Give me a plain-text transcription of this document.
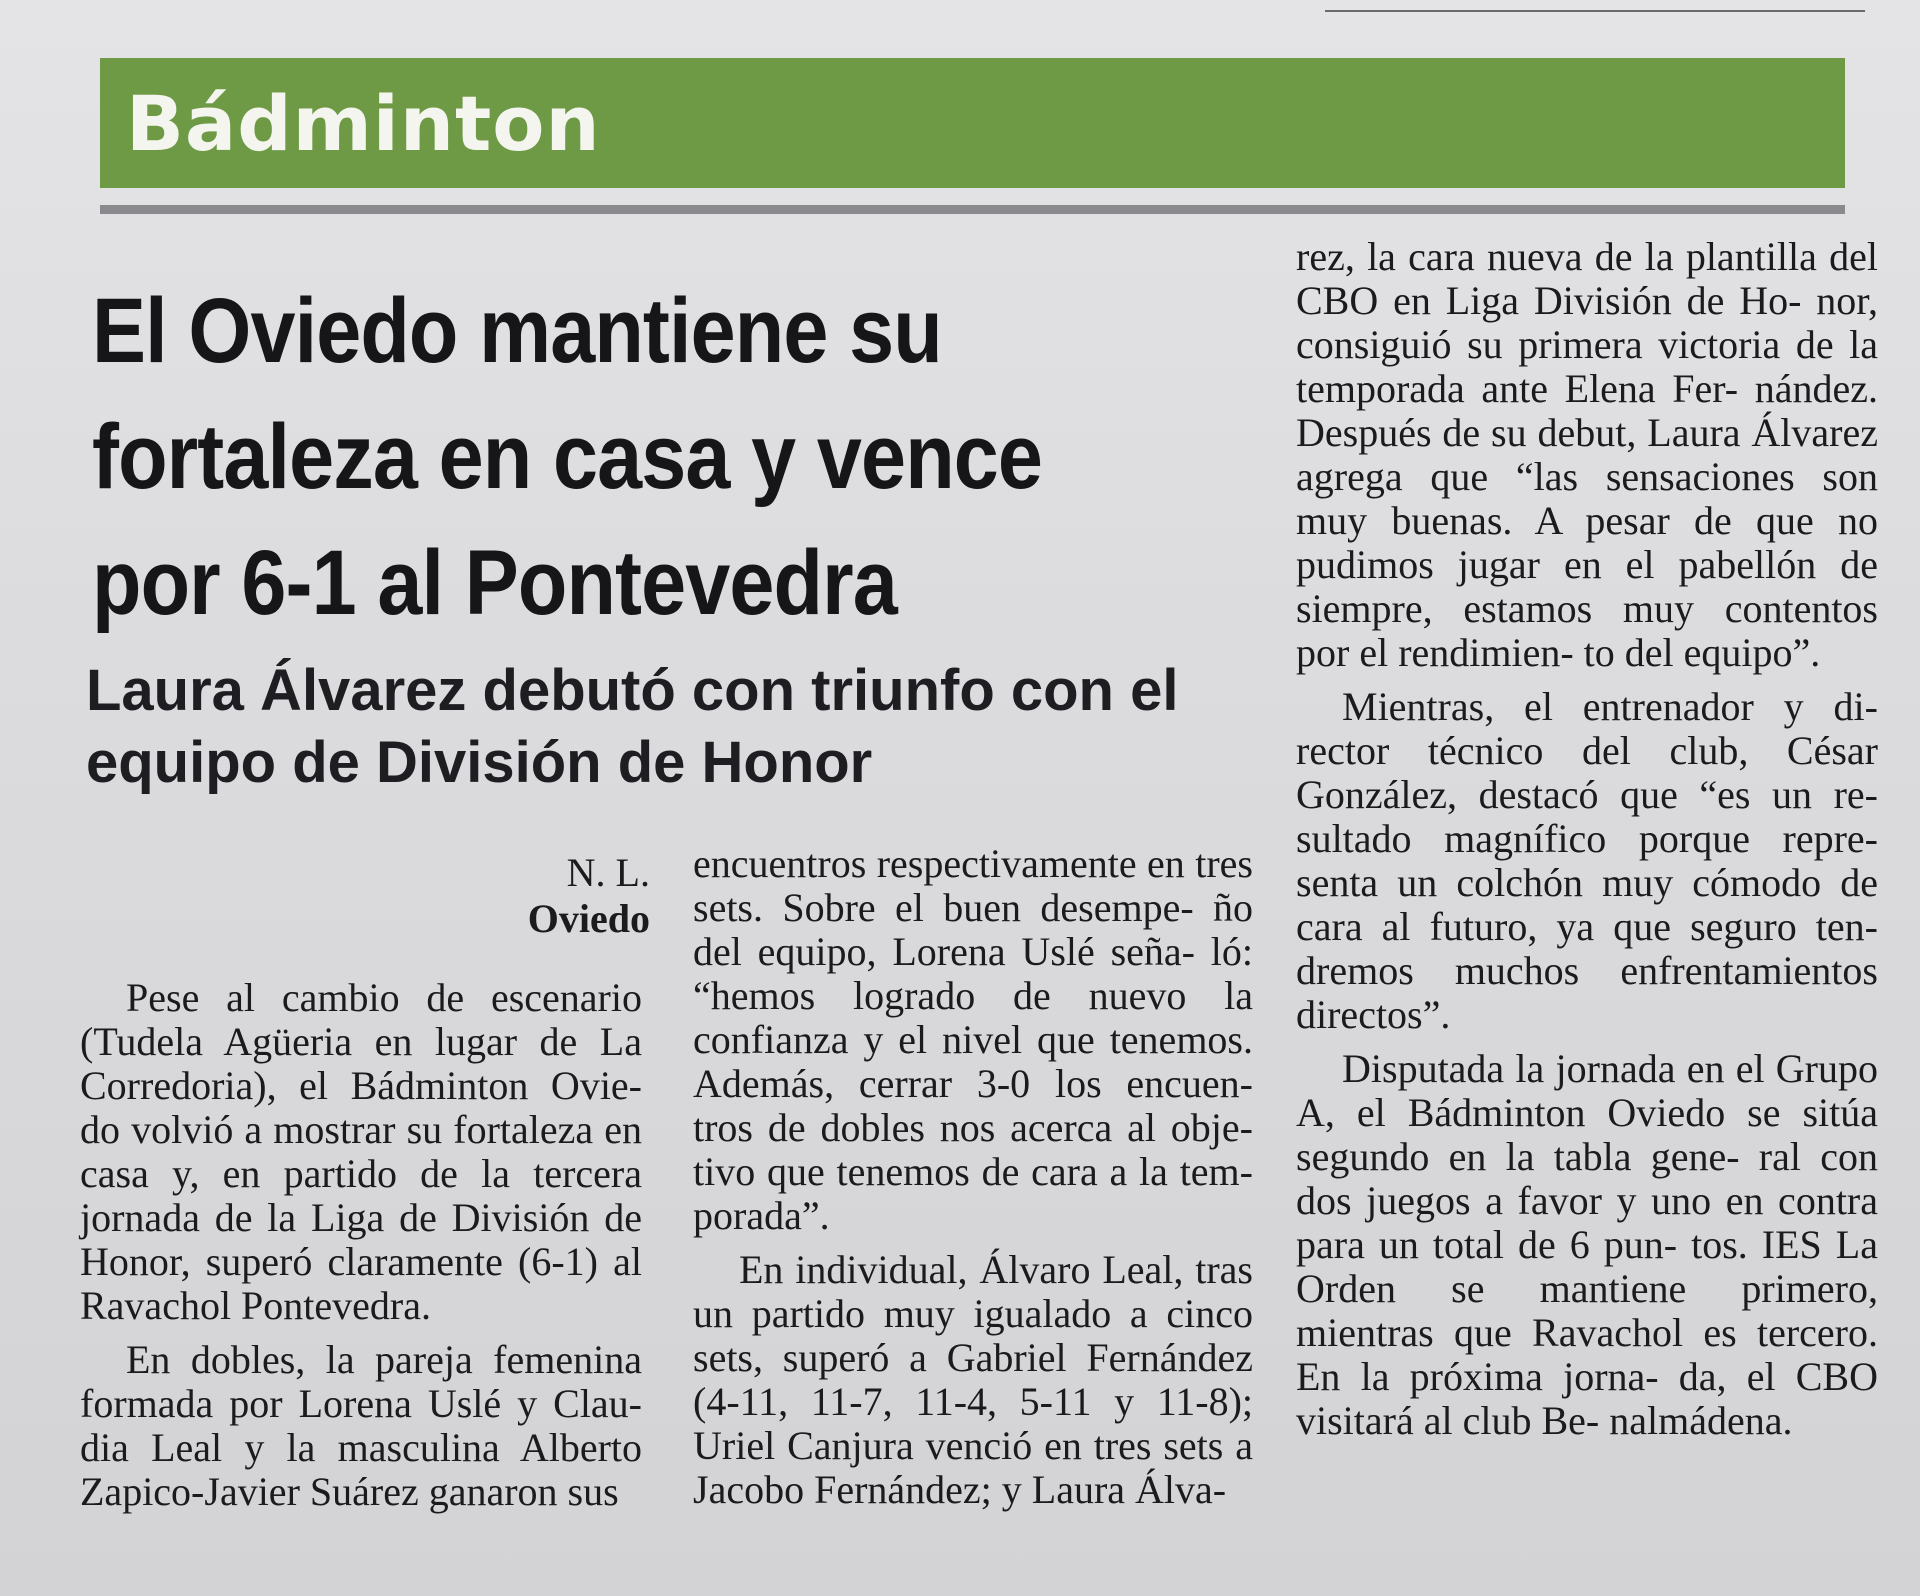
Bádminton
El Oviedo mantiene su fortaleza en casa y vence por 6-1 al Pontevedra
Laura Álvarez debutó con triunfo con el equipo de División de Honor
N. L.
Oviedo

Pese al cambio de escenario (Tudela Agüeria en lugar de La Corredoria), el Bádminton Ovie- do volvió a mostrar su fortaleza en casa y, en partido de la tercera jornada de la Liga de División de Honor, superó claramente (6-1) al Ravachol Pontevedra.

En dobles, la pareja femenina formada por Lorena Uslé y Clau- dia Leal y la masculina Alberto Zapico-Javier Suárez ganaron sus

encuentros respectivamente en tres sets. Sobre el buen desempe- ño del equipo, Lorena Uslé seña- ló: “hemos logrado de nuevo la confianza y el nivel que tenemos. Además, cerrar 3-0 los encuen- tros de dobles nos acerca al obje- tivo que tenemos de cara a la tem- porada”.

En individual, Álvaro Leal, tras un partido muy igualado a cinco sets, superó a Gabriel Fernández (4-11, 11-7, 11-4, 5-11 y 11-8); Uriel Canjura venció en tres sets a Jacobo Fernández; y Laura Álva-

rez, la cara nueva de la plantilla del CBO en Liga División de Ho- nor, consiguió su primera victoria de la temporada ante Elena Fer- nández. Después de su debut, Laura Álvarez agrega que “las sensaciones son muy buenas. A pesar de que no pudimos jugar en el pabellón de siempre, estamos muy contentos por el rendimien- to del equipo”.

Mientras, el entrenador y di- rector técnico del club, César González, destacó que “es un re- sultado magnífico porque repre- senta un colchón muy cómodo de cara al futuro, ya que seguro ten- dremos muchos enfrentamientos directos”.

Disputada la jornada en el Grupo A, el Bádminton Oviedo se sitúa segundo en la tabla gene- ral con dos juegos a favor y uno en contra para un total de 6 pun- tos. IES La Orden se mantiene primero, mientras que Ravachol es tercero. En la próxima jorna- da, el CBO visitará al club Be- nalmádena.
